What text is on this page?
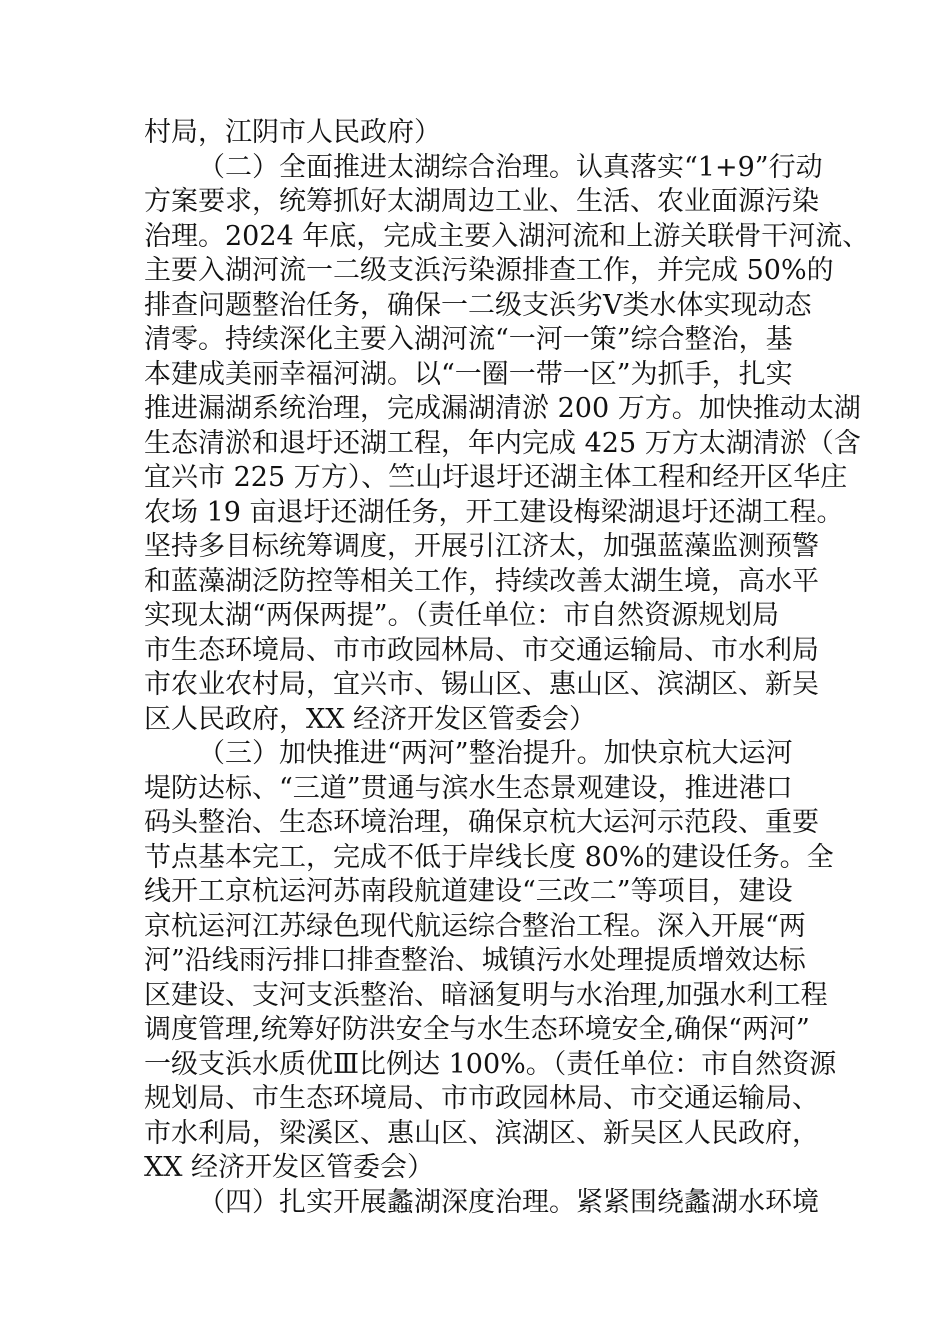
村局，江阴市人民政府）
（二）全面推进太湖综合治理。认真落实“1+9”行动
方案要求，统筹抓好太湖周边工业、生活、农业面源污染
治理。2024 年底，完成主要入湖河流和上游关联骨干河流、
主要入湖河流一二级支浜污染源排查工作，并完成 50%的
排查问题整治任务，确保一二级支浜劣Ⅴ类水体实现动态
清零。持续深化主要入湖河流“一河一策”综合整治，基
本建成美丽幸福河湖。以“一圈一带一区”为抓手，扎实
推进漏湖系统治理，完成漏湖清淤 200 万方。加快推动太湖
生态清淤和退圩还湖工程，年内完成 425 万方太湖清淤（含
宜兴市 225 万方）、竺山圩退圩还湖主体工程和经开区华庄
农场 19 亩退圩还湖任务，开工建设梅梁湖退圩还湖工程。
坚持多目标统筹调度，开展引江济太，加强蓝藻监测预警
和蓝藻湖泛防控等相关工作，持续改善太湖生境，高水平
实现太湖“两保两提”。（责任单位：市自然资源规划局
市生态环境局、市市政园林局、市交通运输局、市水利局
市农业农村局，宜兴市、锡山区、惠山区、滨湖区、新吴
区人民政府，XX 经济开发区管委会）
（三）加快推进“两河”整治提升。加快京杭大运河
堤防达标、“三道”贯通与滨水生态景观建设，推进港口
码头整治、生态环境治理，确保京杭大运河示范段、重要
节点基本完工，完成不低于岸线长度 80%的建设任务。全
线开工京杭运河苏南段航道建设“三改二”等项目，建设
京杭运河江苏绿色现代航运综合整治工程。深入开展“两
河”沿线雨污排口排查整治、城镇污水处理提质增效达标
区建设、支河支浜整治、暗涵复明与水治理,加强水利工程
调度管理,统筹好防洪安全与水生态环境安全,确保“两河”
一级支浜水质优Ⅲ比例达 100%。（责任单位：市自然资源
规划局、市生态环境局、市市政园林局、市交通运输局、
市水利局，梁溪区、惠山区、滨湖区、新吴区人民政府，
XX 经济开发区管委会）
（四）扎实开展蠡湖深度治理。紧紧围绕蠡湖水环境
